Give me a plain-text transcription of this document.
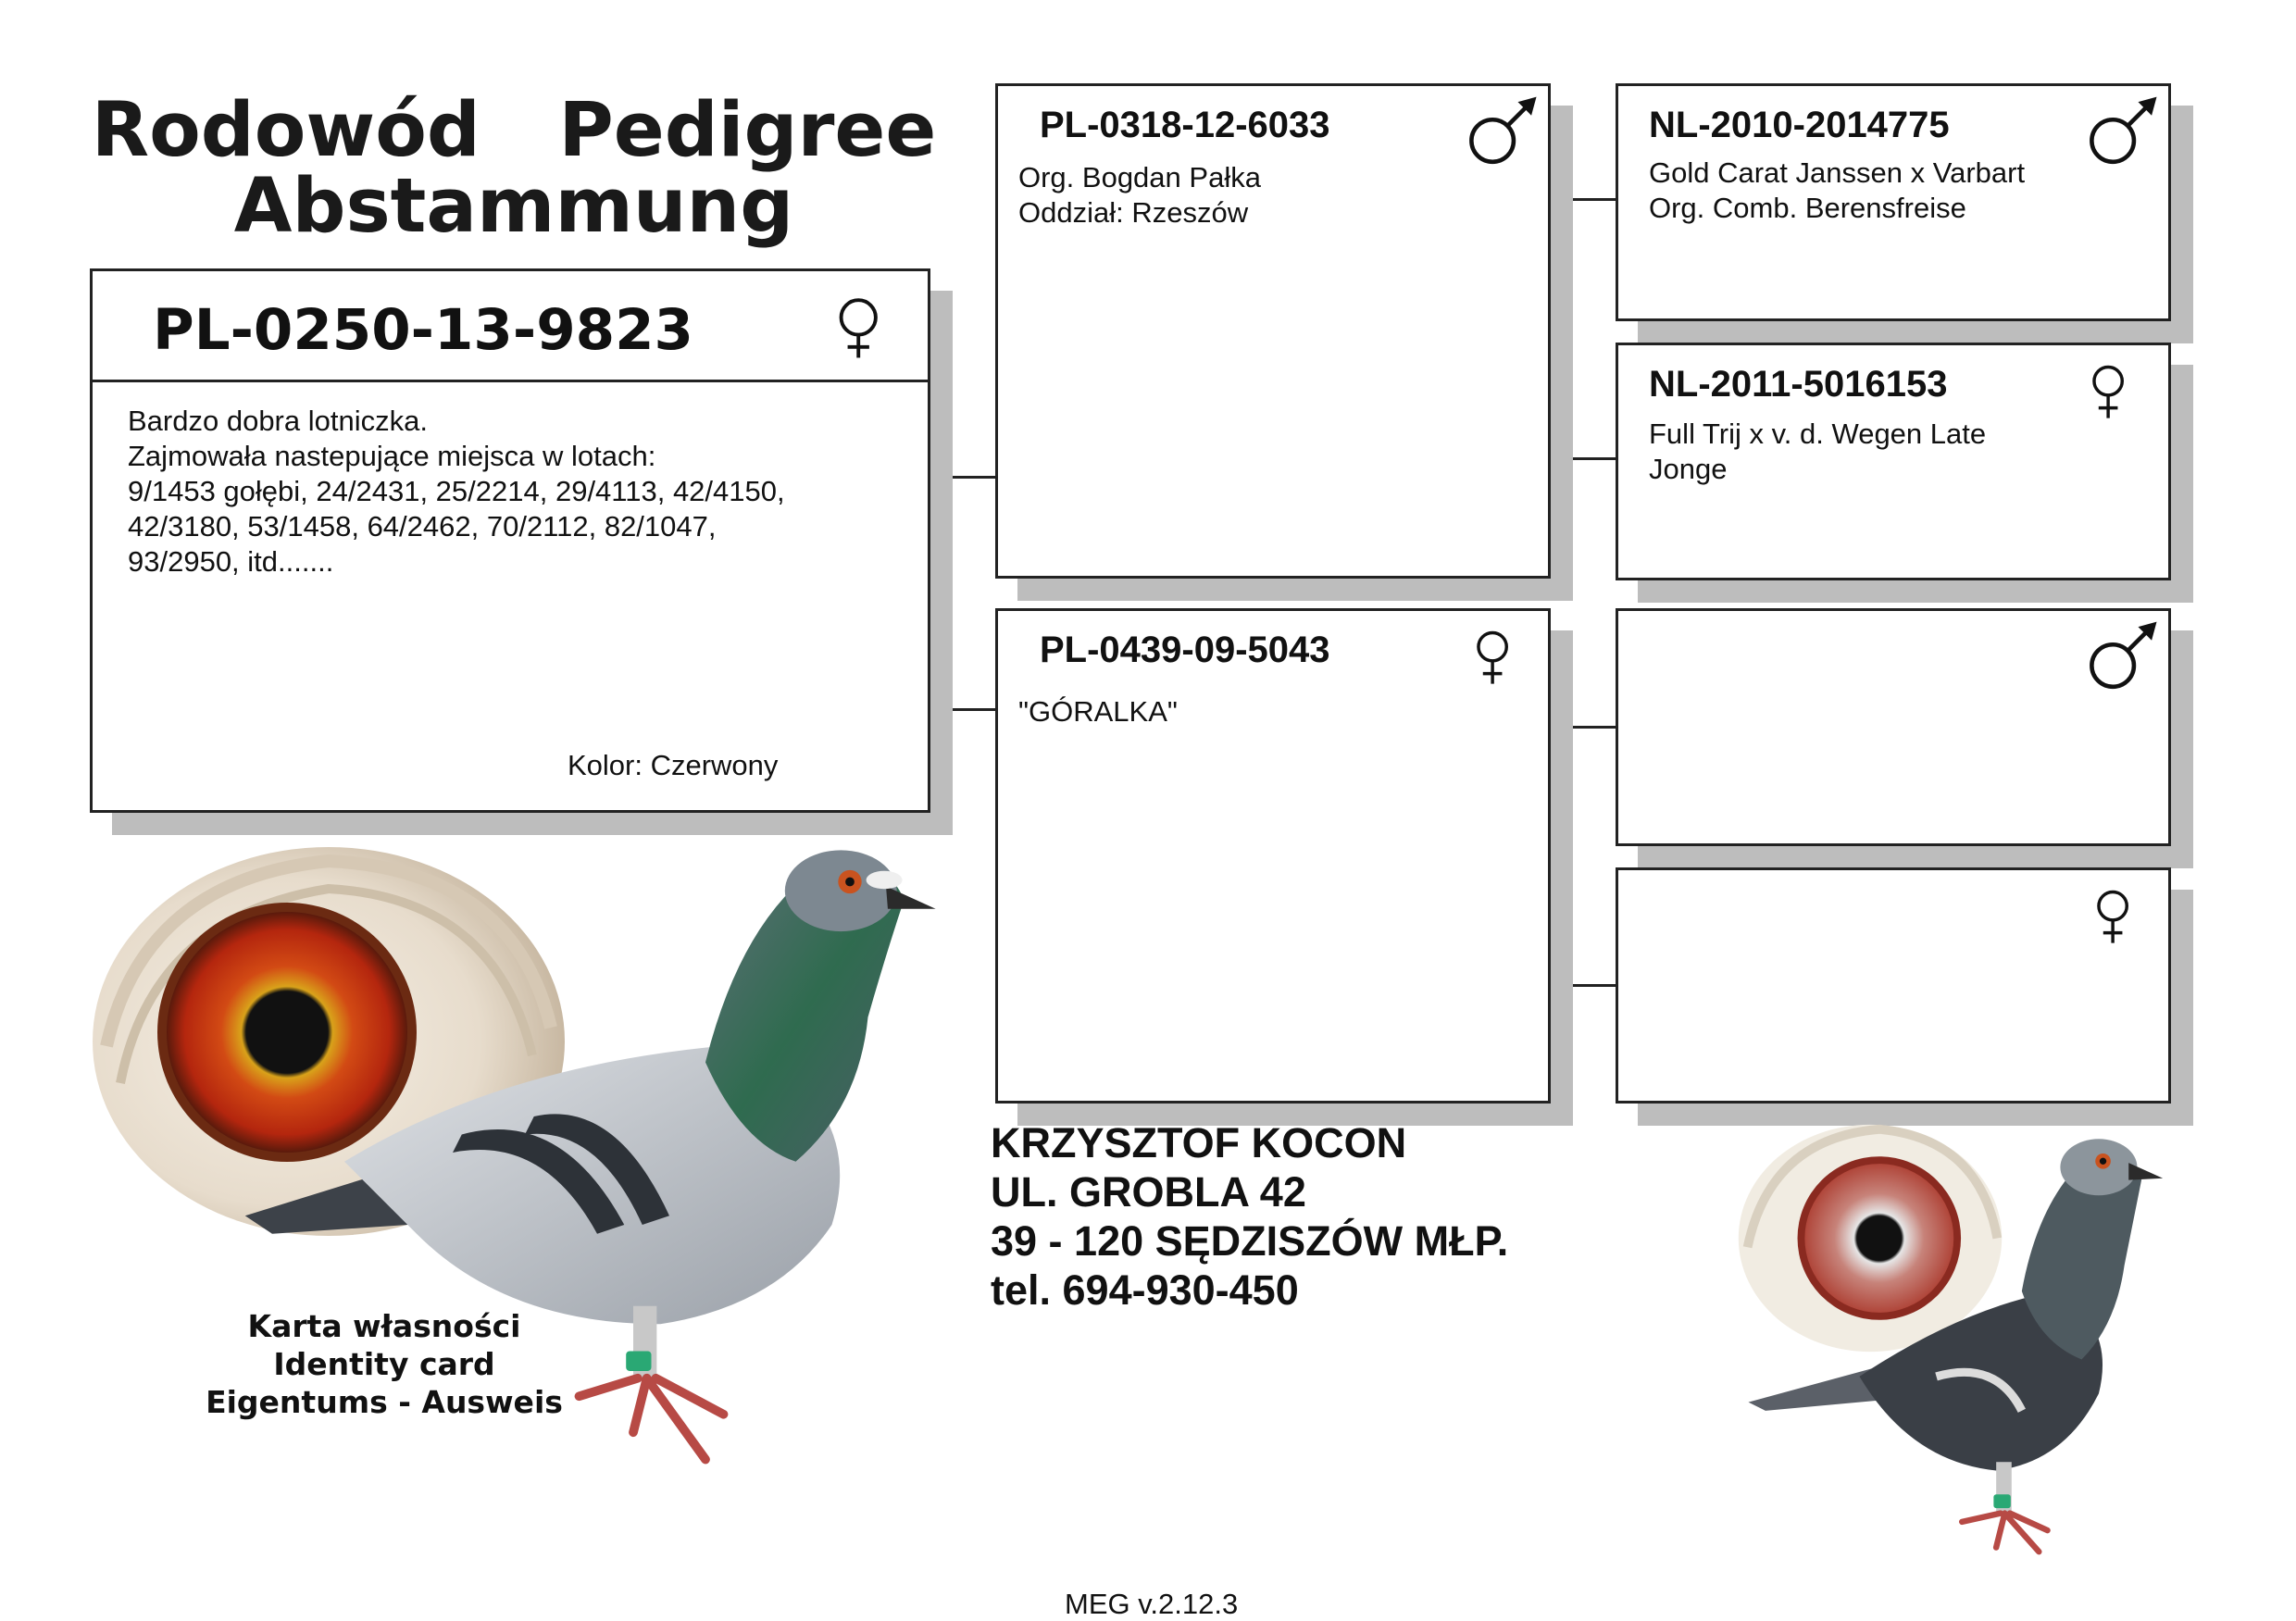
Rodowód   Pedigree
Abstammung
PL-0250-13-9823
Bardzo dobra lotniczka.
Zajmowała nastepujące miejsca w lotach:
9/1453 gołębi, 24/2431, 25/2214, 29/4113, 42/4150,
42/3180, 53/1458, 64/2462, 70/2112, 82/1047,
93/2950, itd.......
Kolor: Czerwony
PL-0318-12-6033
Org. Bogdan Pałka
Oddział: Rzeszów
PL-0439-09-5043
"GÓRALKA"
NL-2010-2014775
Gold Carat Janssen x Varbart
Org. Comb. Berensfreise
NL-2011-5016153
Full Trij x v. d. Wegen Late
Jonge
KRZYSZTOF KOCON
UL. GROBLA 42
39 - 120 SĘDZISZÓW MŁP.
tel. 694-930-450
Karta własności
Identity card
Eigentums - Ausweis
MEG v.2.12.3
